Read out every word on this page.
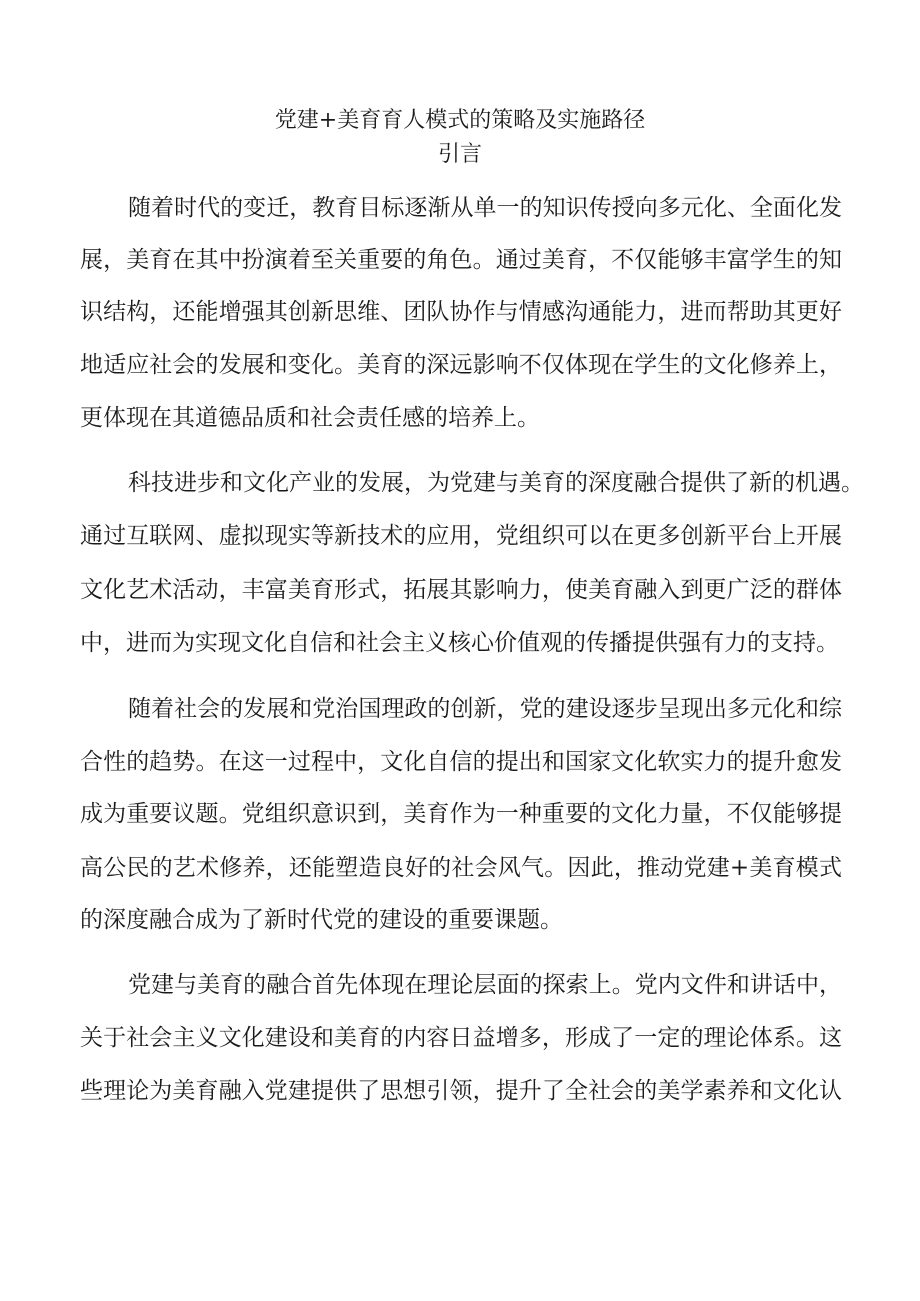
党建+美育育人模式的策略及实施路径
引言
随着时代的变迁，教育目标逐渐从单一的知识传授向多元化、全面化发
展，美育在其中扮演着至关重要的角色。通过美育，不仅能够丰富学生的知
识结构，还能增强其创新思维、团队协作与情感沟通能力，进而帮助其更好
地适应社会的发展和变化。美育的深远影响不仅体现在学生的文化修养上，
更体现在其道德品质和社会责任感的培养上。
科技进步和文化产业的发展，为党建与美育的深度融合提供了新的机遇。
通过互联网、虚拟现实等新技术的应用，党组织可以在更多创新平台上开展
文化艺术活动，丰富美育形式，拓展其影响力，使美育融入到更广泛的群体
中，进而为实现文化自信和社会主义核心价值观的传播提供强有力的支持。
随着社会的发展和党治国理政的创新，党的建设逐步呈现出多元化和综
合性的趋势。在这一过程中，文化自信的提出和国家文化软实力的提升愈发
成为重要议题。党组织意识到，美育作为一种重要的文化力量，不仅能够提
高公民的艺术修养，还能塑造良好的社会风气。因此，推动党建+美育模式
的深度融合成为了新时代党的建设的重要课题。
党建与美育的融合首先体现在理论层面的探索上。党内文件和讲话中，
关于社会主义文化建设和美育的内容日益增多，形成了一定的理论体系。这
些理论为美育融入党建提供了思想引领，提升了全社会的美学素养和文化认
